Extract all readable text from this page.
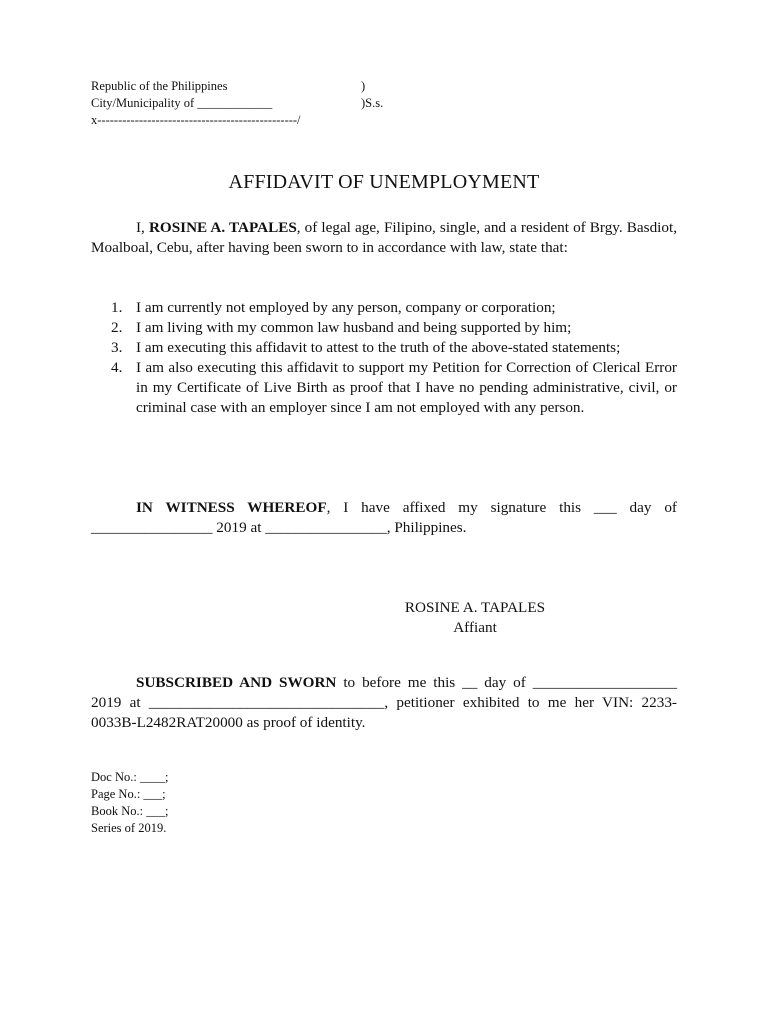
Republic of the Philippines	)
City/Municipality of ____________	)S.s.
x------------------------------------------------/
AFFIDAVIT OF UNEMPLOYMENT
I, ROSINE A. TAPALES, of legal age, Filipino, single, and a resident of Brgy. Basdiot, Moalboal, Cebu, after having been sworn to in accordance with law, state that:
1. I am currently not employed by any person, company or corporation;
2. I am living with my common law husband and being supported by him;
3. I am executing this affidavit to attest to the truth of the above-stated statements;
4. I am also executing this affidavit to support my Petition for Correction of Clerical Error in my Certificate of Live Birth as proof that I have no pending administrative, civil, or criminal case with an employer since I am not employed with any person.
IN WITNESS WHEREOF, I have affixed my signature this ___ day of ________________ 2019 at ________________, Philippines.
ROSINE A. TAPALES
Affiant
SUBSCRIBED AND SWORN to before me this __ day of ___________________ 2019 at _______________________________, petitioner exhibited to me her VIN: 2233-0033B-L2482RAT20000 as proof of identity.
Doc No.: ____;
Page No.: ___;
Book No.: ___;
Series of 2019.
